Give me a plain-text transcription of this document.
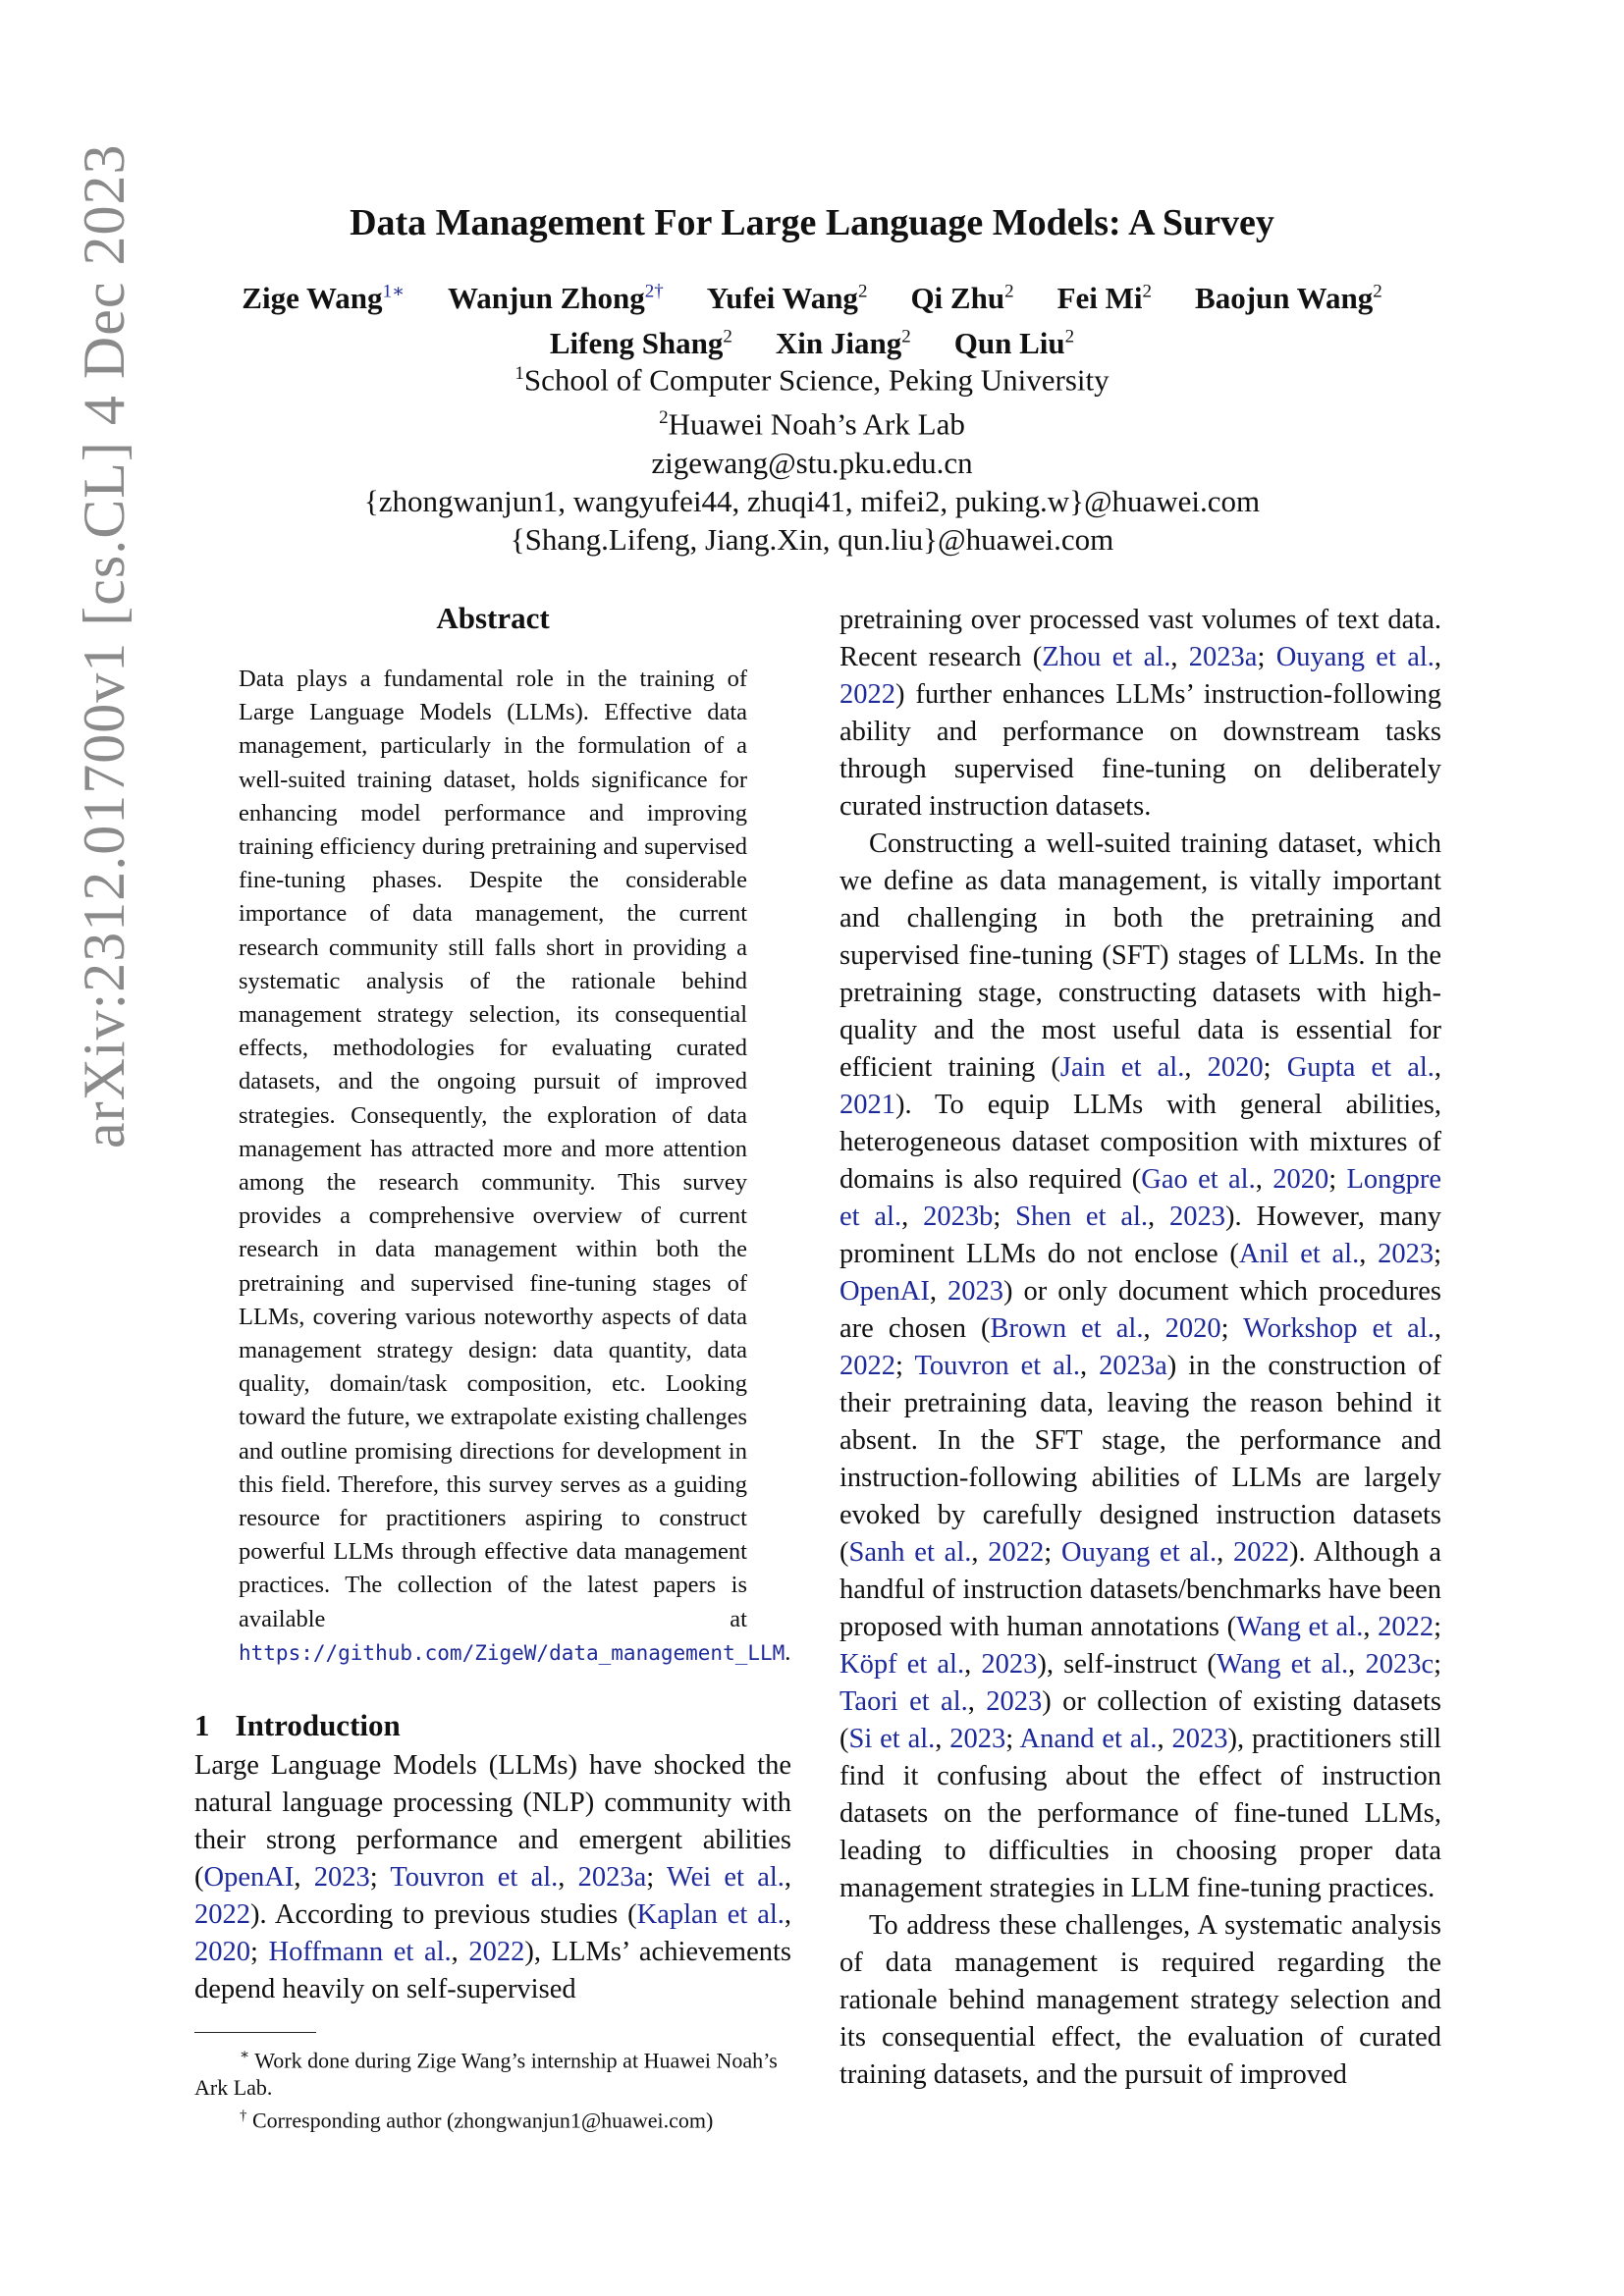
arXiv:2312.01700v1 [cs.CL] 4 Dec 2023	Data Management For Large Language Models: A Survey
Zige Wang$^{1∗}$ Wanjun Zhong$^{2\dagger}$ Yufei Wang$^2$ Qi Zhu$^2$ Fei Mi$^2$ Baojun Wang$^2$
Lifeng Shang$^2$ Xin Jiang$^2$ Qun Liu$^2$
$^1$School of Computer Science, Peking University
$^2$Huawei Noah’s Ark Lab
zigewang@stu.pku.edu.cn
{zhongwanjun1, wangyufei44, zhuqi41, mifei2, puking.w}@huawei.com
{Shang.Lifeng, Jiang.Xin, qun.liu}@huawei.com
Abstract
Data plays a fundamental role in the training of Large Language Models (LLMs). Effective data management, particularly in the formulation of a well-suited training dataset, holds significance for enhancing model performance and improving training efficiency during pretraining and supervised fine-tuning phases. Despite the considerable importance of data management, the current research community still falls short in providing a systematic analysis of the rationale behind management strategy selection, its consequential effects, methodologies for evaluating curated datasets, and the ongoing pursuit of improved strategies. Consequently, the exploration of data management has attracted more and more attention among the research community. This survey provides a comprehensive overview of current research in data management within both the pretraining and supervised fine-tuning stages of LLMs, covering various noteworthy aspects of data management strategy design: data quantity, data quality, domain/task composition, etc. Looking toward the future, we extrapolate existing challenges and outline promising directions for development in this field. Therefore, this survey serves as a guiding resource for practitioners aspiring to construct powerful LLMs through effective data management practices. The collection of the latest papers is available at https://github.com/ZigeW/data_management_LLM.
1 Introduction

Large Language Models (LLMs) have shocked the natural language processing (NLP) community with their strong performance and emergent abilities (OpenAI, 2023; Touvron et al., 2023a; Wei et al., 2022). According to previous studies (Kaplan et al., 2020; Hoffmann et al., 2022), LLMs’ achievements depend heavily on self-supervised

pretraining over processed vast volumes of text data. Recent research (Zhou et al., 2023a; Ouyang et al., 2022) further enhances LLMs’ instruction-following ability and performance on downstream tasks through supervised fine-tuning on deliberately curated instruction datasets.

Constructing a well-suited training dataset, which we define as data management, is vitally important and challenging in both the pretraining and supervised fine-tuning (SFT) stages of LLMs. In the pretraining stage, constructing datasets with high-quality and the most useful data is essential for efficient training (Jain et al., 2020; Gupta et al., 2021). To equip LLMs with general abilities, heterogeneous dataset composition with mixtures of domains is also required (Gao et al., 2020; Longpre et al., 2023b; Shen et al., 2023). However, many prominent LLMs do not enclose (Anil et al., 2023; OpenAI, 2023) or only document which procedures are chosen (Brown et al., 2020; Workshop et al., 2022; Touvron et al., 2023a) in the construction of their pretraining data, leaving the reason behind it absent. In the SFT stage, the performance and instruction-following abilities of LLMs are largely evoked by carefully designed instruction datasets (Sanh et al., 2022; Ouyang et al., 2022). Although a handful of instruction datasets/benchmarks have been proposed with human annotations (Wang et al., 2022; Köpf et al., 2023), self-instruct (Wang et al., 2023c; Taori et al., 2023) or collection of existing datasets (Si et al., 2023; Anand et al., 2023), practitioners still find it confusing about the effect of instruction datasets on the performance of fine-tuned LLMs, leading to difficulties in choosing proper data management strategies in LLM fine-tuning practices.

To address these challenges, A systematic analysis of data management is required regarding the rationale behind management strategy selection and its consequential effect, the evaluation of curated training datasets, and the pursuit of improved

∗ Work done during Zige Wang’s internship at Huawei Noah’s Ark Lab.

† Corresponding author (zhongwanjun1@huawei.com)
